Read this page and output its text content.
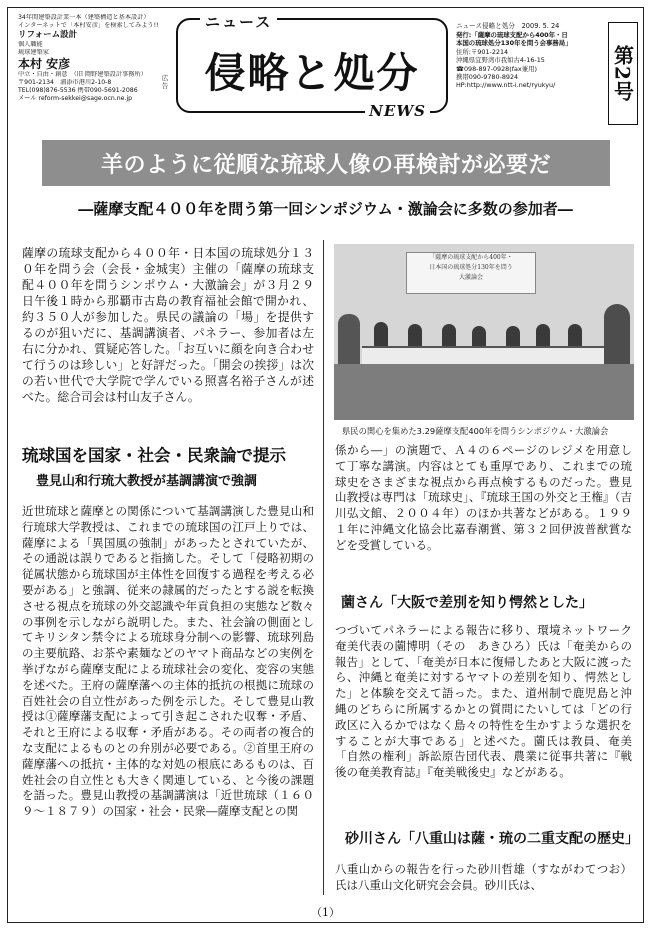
34年間建築設計業一本（建築構造と基本設計）
インターネットで「本村安彦」を検索してみよう!!
リフォーム設計
個人職能
琉球建築家
本村 安彦
中立・自由・創意　（旧 岡野建築設計事務所）
〒901-2134　浦添市港川2-10-8
TEL(098)876-5536 携帯090-5691-2086
メール reform-sekkei@sage.ocn.ne.jp
広告
ニュース
侵略と処分
NEWS
ニュース侵略と処分　 2009. 5. 24
発行:「薩摩の琉球支配から400年・日
本国の琉球処分130年を問う会事務局」
住所:〒901-2214
沖縄県宜野湾市我如古4-16-15
☎098-897-0928(fax兼用)
携帯090-9780-8924
HP:http://www.ntt-i.net/ryukyu/	第2号
羊のように従順な琉球人像の再検討が必要だ
―薩摩支配４００年を問う第一回シンポジウム・激論会に多数の参加者―
薩摩の琉球支配から４００年・日本国の琉球処分１３０年を問う会（会長・金城実）主催の「薩摩の琉球支配４００年を問うシンポウム・大激論会」が３月２９日午後１時から那覇市古島の教育福祉会館で開かれ、約３５０人が参加した。県民の議論の「場」を提供するのが狙いだに、基調講演者、パネラー、参加者は左右に分かれ、質疑応答した。「お互いに顔を向き合わせて行うのは珍しい」と好評だった。「開会の挨拶」は次の若い世代で大学院で学んでいる照喜名裕子さんが述べた。総合司会は村山友子さん。
琉球国を国家・社会・民衆論で提示
豊見山和行琉大教授が基調講演で強調
近世琉球と薩摩との関係について基調講演した豊見山和行琉球大学教授は、これまでの琉球国の江戸上りでは、薩摩による「異国風の強制」があったとされていたが、その通説は誤りであると指摘した。そして「侵略初期の従属状態から琉球国が主体性を回復する過程を考える必要がある」と強調、従来の隷属的だったとする説を転換させる視点を琉球の外交認識や年貢負担の実態など数々の事例を示しながら説明した。また、社会論の側面としてキリシタン禁令による琉球身分制への影響、琉球列島の主要航路、お茶や素麺などのヤマト商品などの実例を挙げながら薩摩支配による琉球社会の変化、変容の実態を述べた。王府の薩摩藩への主体的抵抗の根拠に琉球の百姓社会の自立性があった例を示した。そして豊見山教授は①薩摩藩支配によって引き起こされた収奪・矛盾、それと王府による収奪・矛盾がある。その両者の複合的な支配によるものとの弁別が必要である。②首里王府の薩摩藩への抵抗・主体的な対処の根底にあるものは、百姓社会の自立性とも大きく関連している、と今後の課題を語った。豊見山教授の基調講演は「近世琉球（１６０９～１８７９）の国家・社会・民衆―薩摩支配との関
「薩摩の琉球支配から400年・
日本国の琉球処分130年を問う
大激論会
県民の関心を集めた3.29薩摩支配400年を問うシンポジウム・大激論会
係から―」の演題で、Ａ４の６ページのレジメを用意して丁寧な講演。内容はとても重厚であり、これまでの琉球史をさまざまな視点から再点検するものだった。豊見山教授は専門は「琉球史」、『琉球王国の外交と王権』（吉川弘文館、２００４年）のほか共著などがある。１９９１年に沖縄文化協会比嘉春潮賞、第３２回伊波普猷賞などを受賞している。
薗さん「大阪で差別を知り愕然とした」
つづいてパネラーによる報告に移り、環境ネットワーク奄美代表の薗博明（その　あきひろ）氏は「奄美からの報告」として、「奄美が日本に復帰したあと大阪に渡ったら、沖縄と奄美に対するヤマトの差別を知り、愕然とした」と体験を交えて語った。また、道州制で鹿児島と沖縄のどちらに所属するかとの質問にたいしては「どの行政区に入るかではなく島々の特性を生かすような選択をすることが大事である」と述べた。薗氏は教員、奄美「自然の権利」訴訟原告団代表、農業に従事共著に『戦後の奄美教育誌』『奄美戦後史』などがある。
砂川さん「八重山は薩・琉の二重支配の歴史」
八重山からの報告を行った砂川哲雄（すながわてつお）氏は八重山文化研究会会員。砂川氏は、
（1）
